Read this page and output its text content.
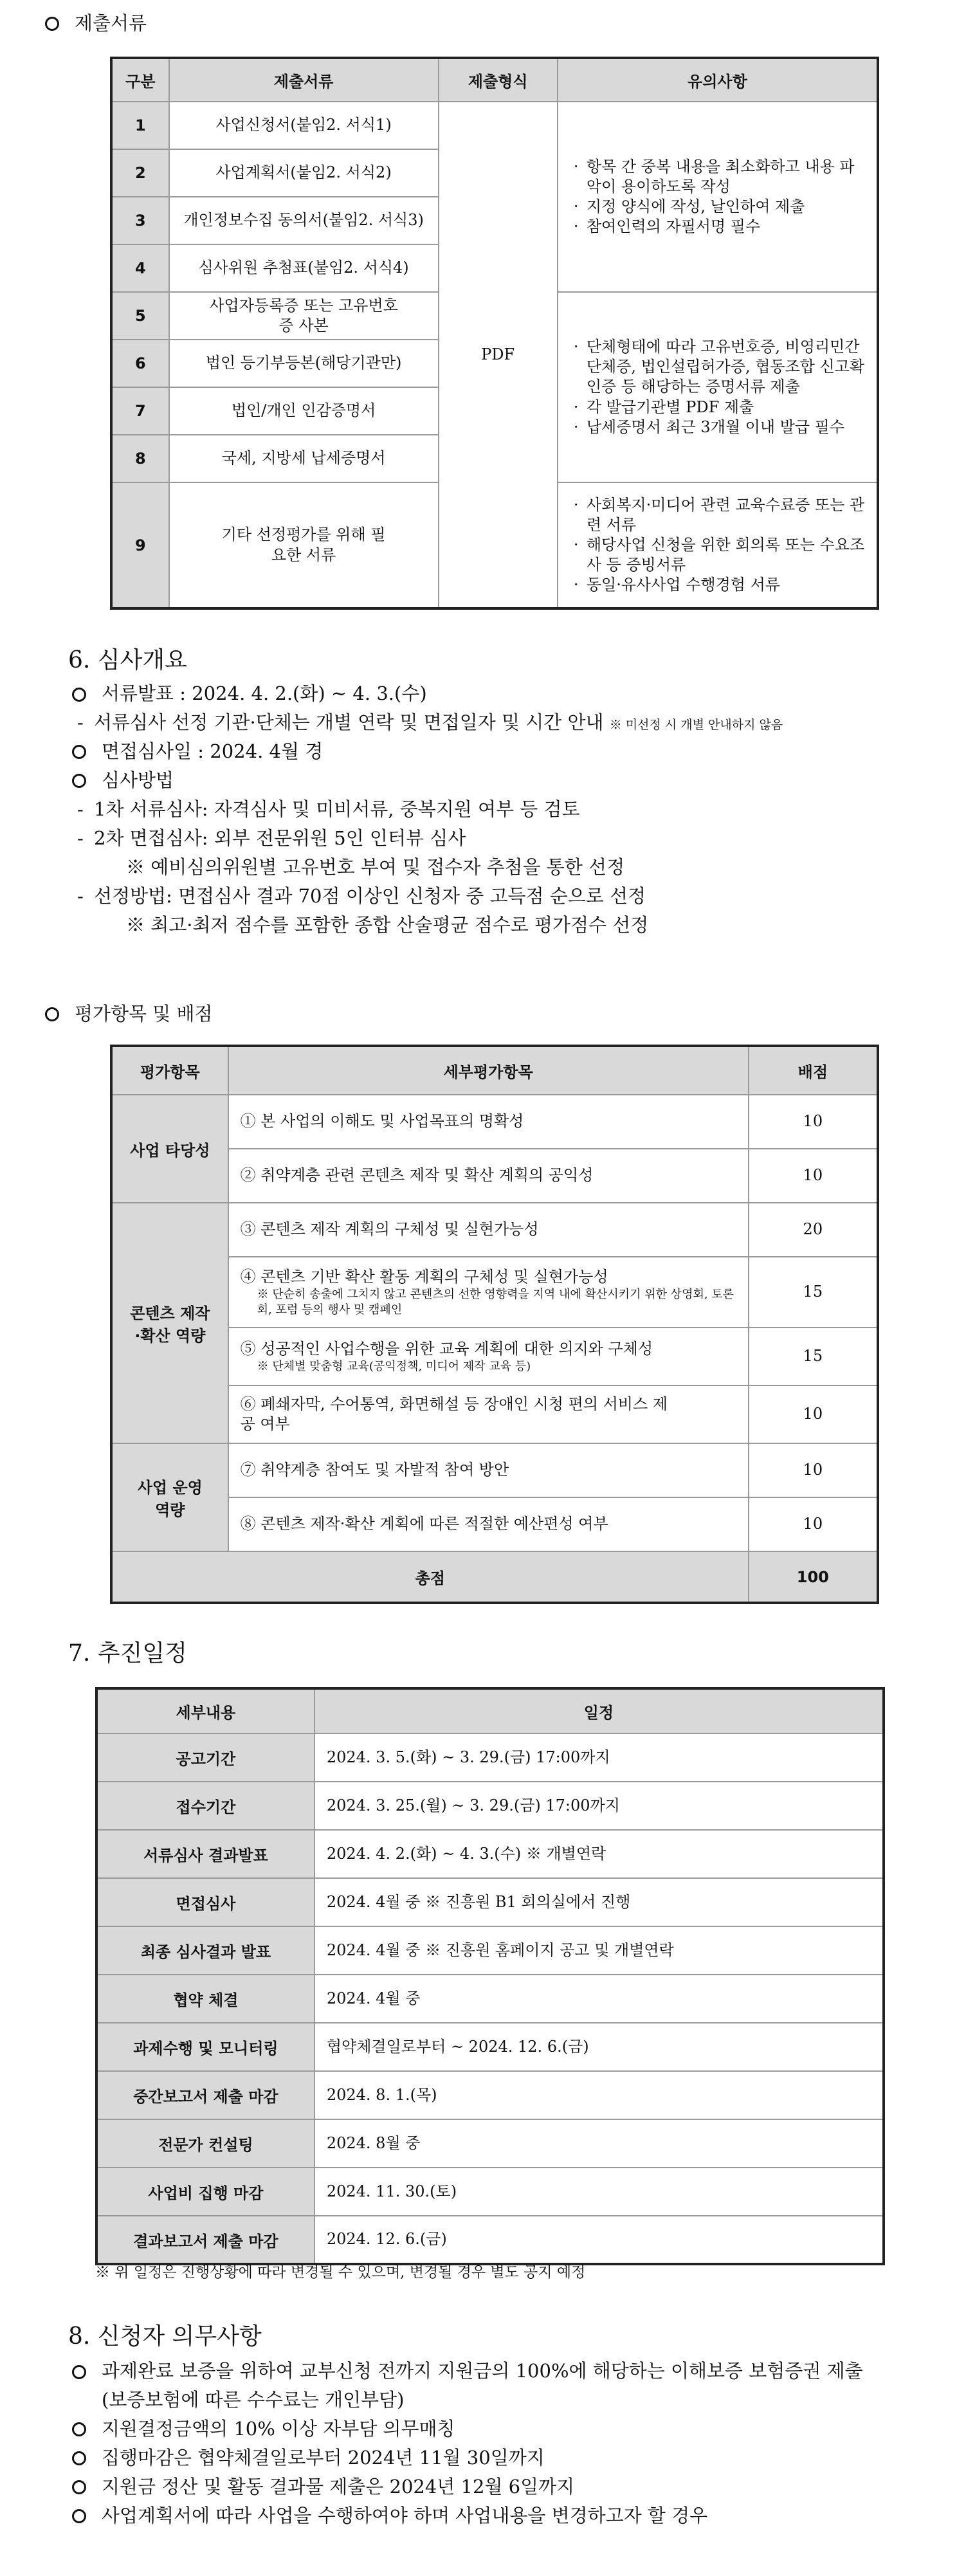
제출서류
구분	제출서류	제출형식	유의사항
1	사업신청서(붙임2. 서식1)	PDF	· 항목 간 중복 내용을 최소화하고 내용 파악이 용이하도록 작성
· 지정 양식에 작성, 날인하여 제출
· 참여인력의 자필서명 필수

2	사업계획서(붙임2. 서식2)		
3	개인정보수집 동의서(붙임2. 서식3)		
4	심사위원 추첨표(붙임2. 서식4)		
5	사업자등록증 또는 고유번호증 사본		· 단체형태에 따라 고유번호증, 비영리민간단체증, 법인설립허가증, 협동조합 신고확인증 등 해당하는 증명서류 제출
· 각 발급기관별 PDF 제출
· 납세증명서 최근 3개월 이내 발급 필수

6	법인 등기부등본(해당기관만)		
7	법인/개인 인감증명서		
8	국세, 지방세 납세증명서		
9	기타 선정평가를 위해 필요한 서류		· 사회복지·미디어 관련 교육수료증 또는 관련 서류
· 해당사업 신청을 위한 회의록 또는 수요조사 등 증빙서류
· 동일·유사사업 수행경험 서류
6. 심사개요
서류발표 : 2024. 4. 2.(화) ~ 4. 3.(수)
- 서류심사 선정 기관·단체는 개별 연락 및 면접일자 및 시간 안내 ※ 미선정 시 개별 안내하지 않음
면접심사일 : 2024. 4월 경
심사방법
- 1차 서류심사: 자격심사 및 미비서류, 중복지원 여부 등 검토
- 2차 면접심사: 외부 전문위원 5인 인터뷰 심사
※ 예비심의위원별 고유번호 부여 및 접수자 추첨을 통한 선정
- 선정방법: 면접심사 결과 70점 이상인 신청자 중 고득점 순으로 선정
※ 최고·최저 점수를 포함한 종합 산술평균 점수로 평가점수 선정
평가항목 및 배점
평가항목	세부평가항목	배점
사업 타당성	① 본 사업의 이해도 및 사업목표의 명확성	10
	② 취약계층 관련 콘텐츠 제작 및 확산 계획의 공익성	10
콘텐츠 제작·확산 역량	③ 콘텐츠 제작 계획의 구체성 및 실현가능성	20

	④ 콘텐츠 기반 확산 활동 계획의 구체성 및 실현가능성
※ 단순히 송출에 그치지 않고 콘텐츠의 선한 영향력을 지역 내에 확산시키기 위한 상영회, 토론회, 포럼 등의 행사 및 캠페인	15

	⑤ 성공적인 사업수행을 위한 교육 계획에 대한 의지와 구체성
※ 단체별 맞춤형 교육(공익정책, 미디어 제작 교육 등)	15
	⑥ 폐쇄자막, 수어통역, 화면해설 등 장애인 시청 편의 서비스 제공 여부	10
사업 운영 역량	⑦ 취약계층 참여도 및 자발적 참여 방안	10
	⑧ 콘텐츠 제작·확산 계획에 따른 적절한 예산편성 여부	10
총점		100
7. 추진일정
세부내용	일정
공고기간	2024. 3. 5.(화) ~ 3. 29.(금) 17:00까지
접수기간	2024. 3. 25.(월) ~ 3. 29.(금) 17:00까지
서류심사 결과발표	2024. 4. 2.(화) ~ 4. 3.(수) ※ 개별연락
면접심사	2024. 4월 중 ※ 진흥원 B1 회의실에서 진행
최종 심사결과 발표	2024. 4월 중 ※ 진흥원 홈페이지 공고 및 개별연락
협약 체결	2024. 4월 중
과제수행 및 모니터링	협약체결일로부터 ~ 2024. 12. 6.(금)
중간보고서 제출 마감	2024. 8. 1.(목)
전문가 컨설팅	2024. 8월 중
사업비 집행 마감	2024. 11. 30.(토)
결과보고서 제출 마감	2024. 12. 6.(금)
※ 위 일정은 진행상황에 따라 변경될 수 있으며, 변경될 경우 별도 공지 예정
8. 신청자 의무사항
과제완료 보증을 위하여 교부신청 전까지 지원금의 100%에 해당하는 이해보증 보험증권 제출(보증보험에 따른 수수료는 개인부담)
지원결정금액의 10% 이상 자부담 의무매칭
집행마감은 협약체결일로부터 2024년 11월 30일까지
지원금 정산 및 활동 결과물 제출은 2024년 12월 6일까지
사업계획서에 따라 사업을 수행하여야 하며 사업내용을 변경하고자 할 경우
